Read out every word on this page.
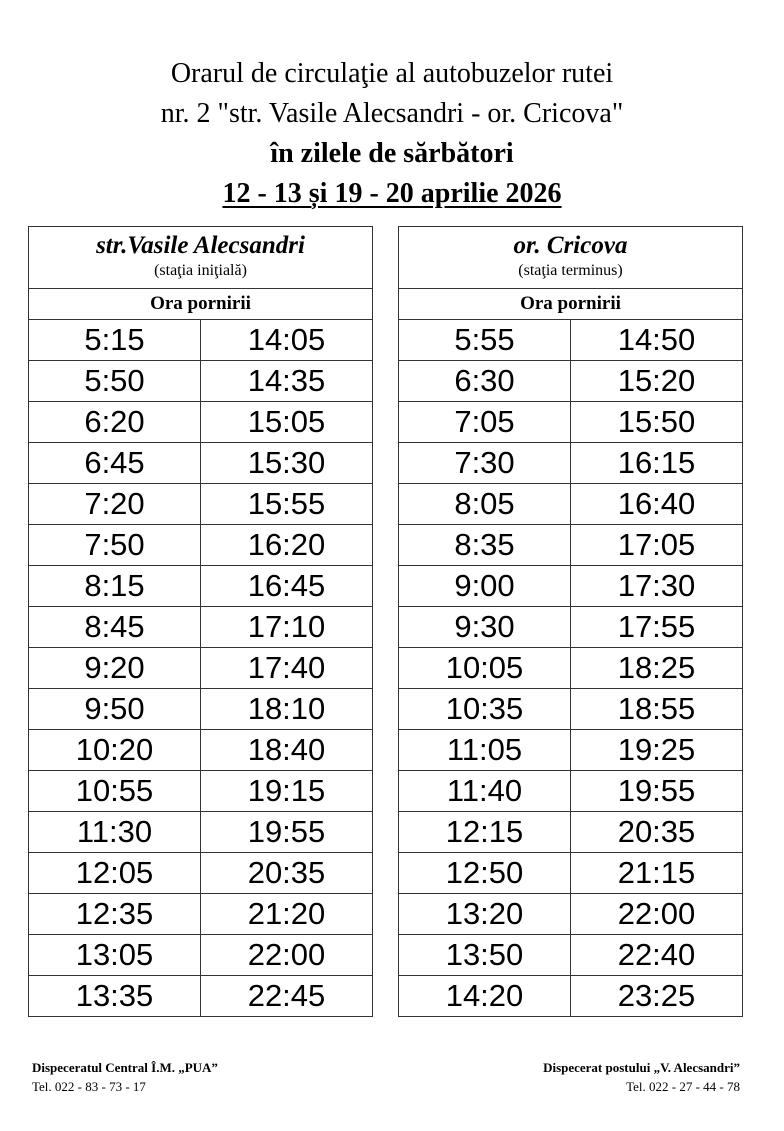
Orarul de circulaţie al autobuzelor rutei
nr. 2 "str. Vasile Alecsandri - or. Cricova"
în zilele de sărbători
12 - 13 și 19 - 20 aprilie 2026
str.Vasile Alecsandri
(staţia iniţială)	

Ora pornirii	
5:15	14:05
5:50	14:35
6:20	15:05
6:45	15:30
7:20	15:55
7:50	16:20
8:15	16:45
8:45	17:10
9:20	17:40
9:50	18:10
10:20	18:40
10:55	19:15
11:30	19:55
12:05	20:35
12:35	21:20
13:05	22:00
13:35	22:45
or. Cricova
(staţia terminus)	

Ora pornirii	
5:55	14:50
6:30	15:20
7:05	15:50
7:30	16:15
8:05	16:40
8:35	17:05
9:00	17:30
9:30	17:55
10:05	18:25
10:35	18:55
11:05	19:25
11:40	19:55
12:15	20:35
12:50	21:15
13:20	22:00
13:50	22:40
14:20	23:25
Dispeceratul Central Î.M. „PUA”
Tel. 022 - 83 - 73 - 17
Dispecerat postului „V. Alecsandri”
Tel. 022 - 27 - 44 - 78
